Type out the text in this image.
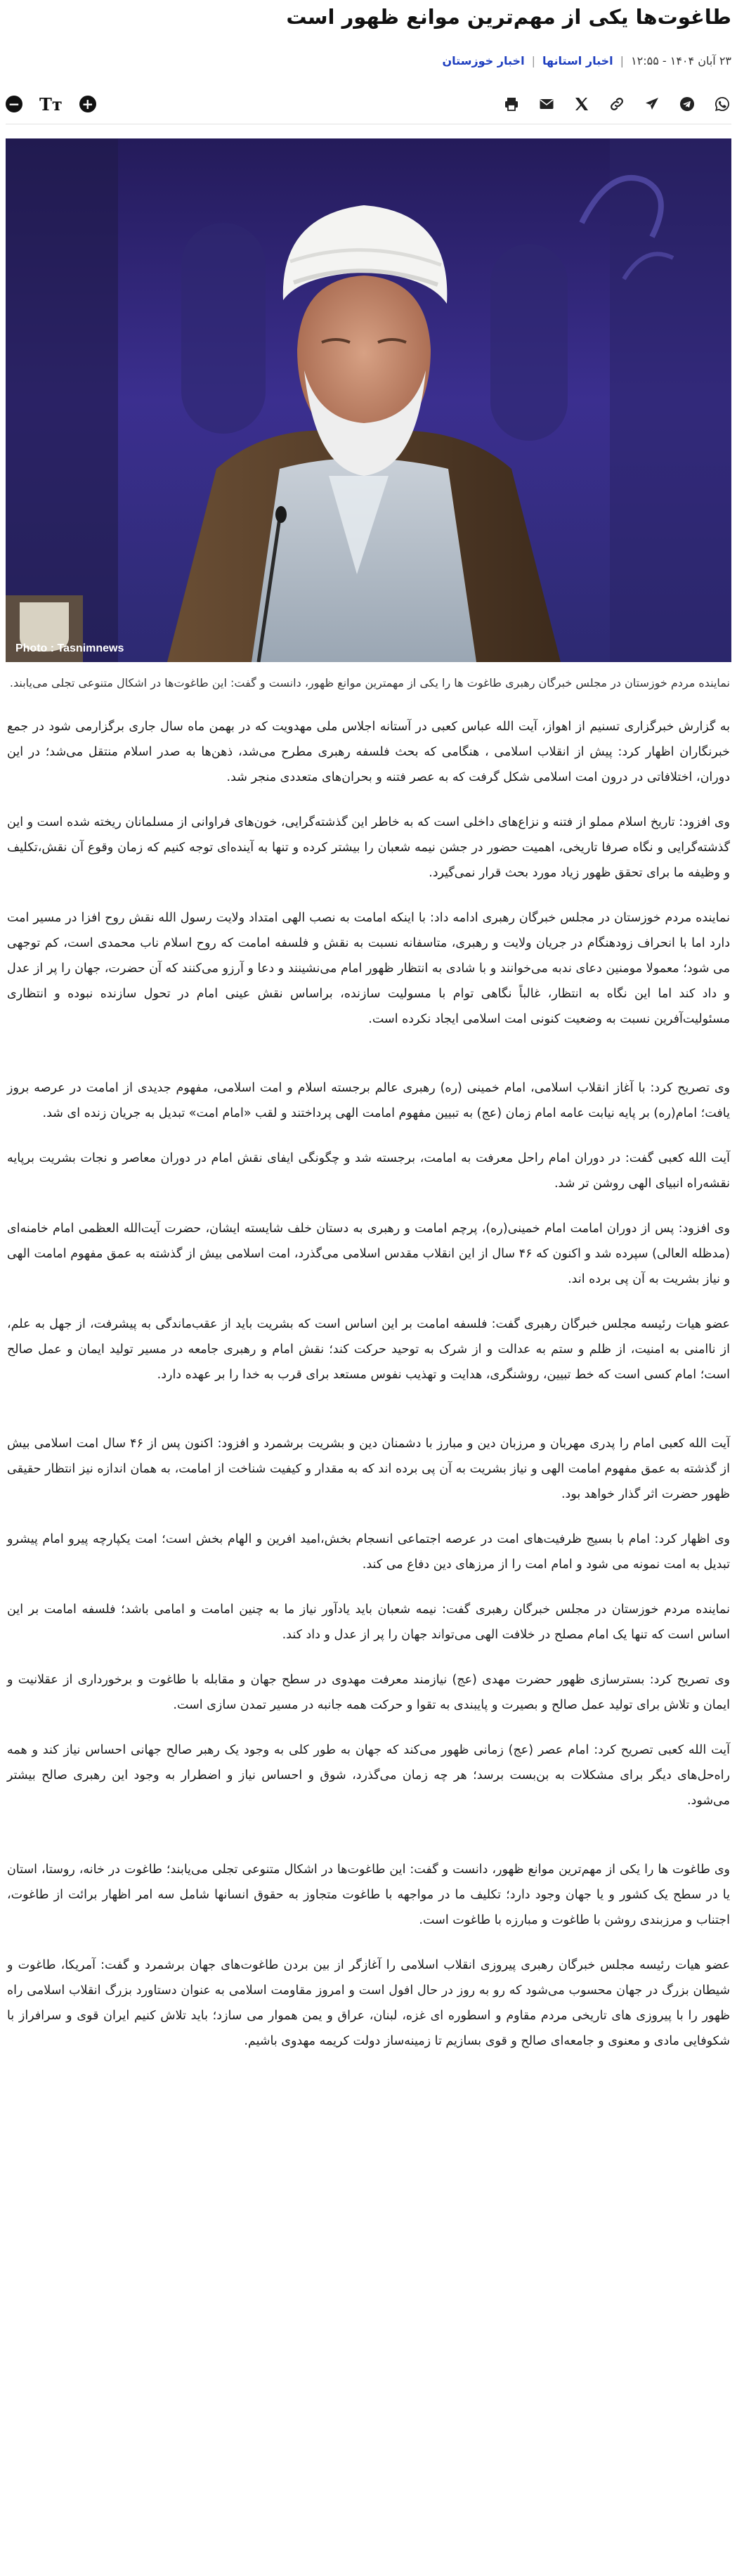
طاغوت‌ها یکی از مهم‌ترین موانع ظهور است
۲۳ آبان ۱۴۰۴ - ۱۲:۵۵
|
اخبار استانها
|
اخبار خوزستان
+
Tт
−
Photo : Tasnimnews

نماینده مردم خوزستان در مجلس خبرگان رهبری طاغوت ها را یکی از مهمترین موانع ظهور، دانست و گفت: این طاغوت‌ها در اشکال متنوعی تجلی می‌یابند.

به گزارش خبرگزاری تسنیم از اهواز، آیت الله عباس کعبی در آستانه اجلاس ملی مهدویت که در بهمن ماه سال جاری برگزارمی شود در جمع خبرنگاران اظهار کرد: پیش از انقلاب اسلامی ، هنگامی که بحث فلسفه رهبری مطرح می‌شد، ذهن‌ها به صدر اسلام منتقل می‌شد؛ در این دوران، اختلافاتی در درون امت اسلامی شکل گرفت که به عصر فتنه و بحران‌های متعددی منجر شد.

وی افزود: تاریخ اسلام مملو از فتنه و نزاع‌های داخلی است که به خاطر این گذشته‌گرایی، خون‌های فراوانی از مسلمانان ریخته شده است و این گذشته‌گرایی و نگاه صرفا تاریخی، اهمیت حضور در جشن نیمه شعبان را بیشتر کرده و تنها به آینده‌ای توجه کنیم که زمان وقوع آن نقش،تکلیف و وظیفه ما برای تحقق ظهور زیاد مورد بحث قرار نمی‌گیرد.

نماینده مردم خوزستان در مجلس خبرگان رهبری ادامه داد: با اینکه امامت به نصب الهی امتداد ولایت رسول الله نقش روح افزا در مسیر امت دارد اما با انحراف زودهنگام در جریان ولایت و رهبری، متاسفانه نسبت به نقش و فلسفه امامت که روح اسلام ناب محمدی است، کم توجهی می شود؛ معمولا مومنین دعای ندبه می‌خوانند و با شادی به انتظار ظهور امام می‌نشینند و دعا و آرزو می‌کنند که آن حضرت، جهان را پر از عدل و داد کند اما این نگاه به انتظار، غالباً نگاهی توام با مسولیت سازنده، براساس نقش عینی امام در تحول سازنده نبوده و انتظاری مسئولیت‌آفرین نسبت به وضعیت کنونی امت اسلامی ایجاد نکرده است.

وی تصریح کرد: با آغاز انقلاب اسلامی، امام خمینی (ره) رهبری عالم برجسته اسلام و امت اسلامی، مفهوم جدیدی از امامت در عرصه بروز یافت؛ امام(ره) بر پایه نیابت عامه امام زمان (عج) به تبیین مفهوم امامت الهی پرداختند و لقب «امام امت» تبدیل به جریان زنده ای شد.

آیت الله کعبی گفت: در دوران امام راحل معرفت به امامت، برجسته شد و چگونگی ایفای نقش امام در دوران معاصر و نجات بشریت برپایه نقشه‌راه انبیای الهی روشن تر شد.

وی افزود: پس از دوران امامت امام خمینی(ره)، پرچم امامت و رهبری به دستان خلف شایسته ایشان، حضرت آیت‌الله العظمی امام خامنه‌ای (مدظله العالی) سپرده شد و اکنون که ۴۶ سال از این انقلاب مقدس اسلامی می‌گذرد، امت اسلامی بیش از گذشته به عمق مفهوم امامت الهی و نیاز بشریت به آن پی برده اند.

عضو هیات رئیسه مجلس خبرگان رهبری گفت: فلسفه امامت بر این اساس است که بشریت باید از عقب‌ماندگی به پیشرفت، از جهل به علم، از ناامنی به امنیت، از ظلم و ستم به عدالت و از شرک به توحید حرکت کند؛ نقش امام و رهبری جامعه در مسیر تولید ایمان و عمل صالح است؛ امام کسی است که خط تبیین، روشنگری، هدایت و تهذیب نفوس مستعد برای قرب به خدا را بر عهده دارد.

آیت الله کعبی امام را پدری مهربان و مرزبان دین و مبارز با دشمنان دین و بشریت برشمرد و افزود: اکنون پس از ۴۶ سال امت اسلامی بیش از گذشته به عمق مفهوم امامت الهی و نیاز بشریت به آن پی برده اند که به مقدار و کیفیت شناخت از امامت، به همان اندازه نیز انتظار حقیقی ظهور حضرت اثر گذار خواهد بود.

وی اظهار کرد: امام با بسیج ظرفیت‌های امت در عرصه اجتماعی انسجام بخش،امید افرین و الهام بخش است؛ امت یکپارچه پیرو امام پیشرو تبدیل به امت نمونه می شود و امام امت را از مرزهای دین دفاع می کند.

نماینده مردم خوزستان در مجلس خبرگان رهبری گفت: نیمه شعبان باید یادآور نیاز ما به چنین امامت و امامی باشد؛ فلسفه امامت بر این اساس است که تنها یک امام مصلح در خلافت الهی می‌تواند جهان را پر از عدل و داد کند.

وی تصریح کرد: بسترسازی ظهور حضرت مهدی (عج) نیازمند معرفت مهدوی در سطح جهان و مقابله با طاغوت و برخورداری از عقلانیت و ایمان و تلاش برای تولید عمل صالح و بصیرت و پایبندی به تقوا و حرکت همه جانبه در مسیر تمدن سازی است.

آیت الله کعبی تصریح کرد: امام عصر (عج) زمانی ظهور می‌کند که جهان به طور کلی به وجود یک رهبر صالح جهانی احساس نیاز کند و همه راه‌حل‌های دیگر برای مشکلات به بن‌بست برسد؛ هر چه زمان می‌گذرد، شوق و احساس نیاز و اضطرار به وجود این رهبری صالح بیشتر می‌شود.

وی طاغوت ها را یکی از مهم‌ترین موانع ظهور، دانست و گفت: این طاغوت‌ها در اشکال متنوعی تجلی می‌یابند؛ طاغوت در خانه، روستا، استان یا در سطح یک کشور و یا جهان وجود دارد؛ تکلیف ما در مواجهه با طاغوت متجاوز به حقوق انسانها شامل سه امر اظهار برائت از طاغوت، اجتناب و مرزبندی روشن با طاغوت و مبارزه با طاغوت است.

عضو هیات رئیسه مجلس خبرگان رهبری پیروزی انقلاب اسلامی را آغازگر از بین بردن طاغوت‌های جهان برشمرد و گفت: آمریکا، طاغوت و شیطان بزرگ در جهان محسوب می‌شود که رو به روز در حال افول است و امروز مقاومت اسلامی به عنوان دستاورد بزرگ انقلاب اسلامی راه ظهور را با پیروزی های تاریخی مردم مقاوم و اسطوره ای غزه، لبنان، عراق و یمن هموار می سازد؛ باید تلاش کنیم ایران قوی و سرافراز با شکوفایی مادی و معنوی و جامعه‌ای صالح و قوی بسازیم تا زمینه‌ساز دولت کریمه مهدوی باشیم.
